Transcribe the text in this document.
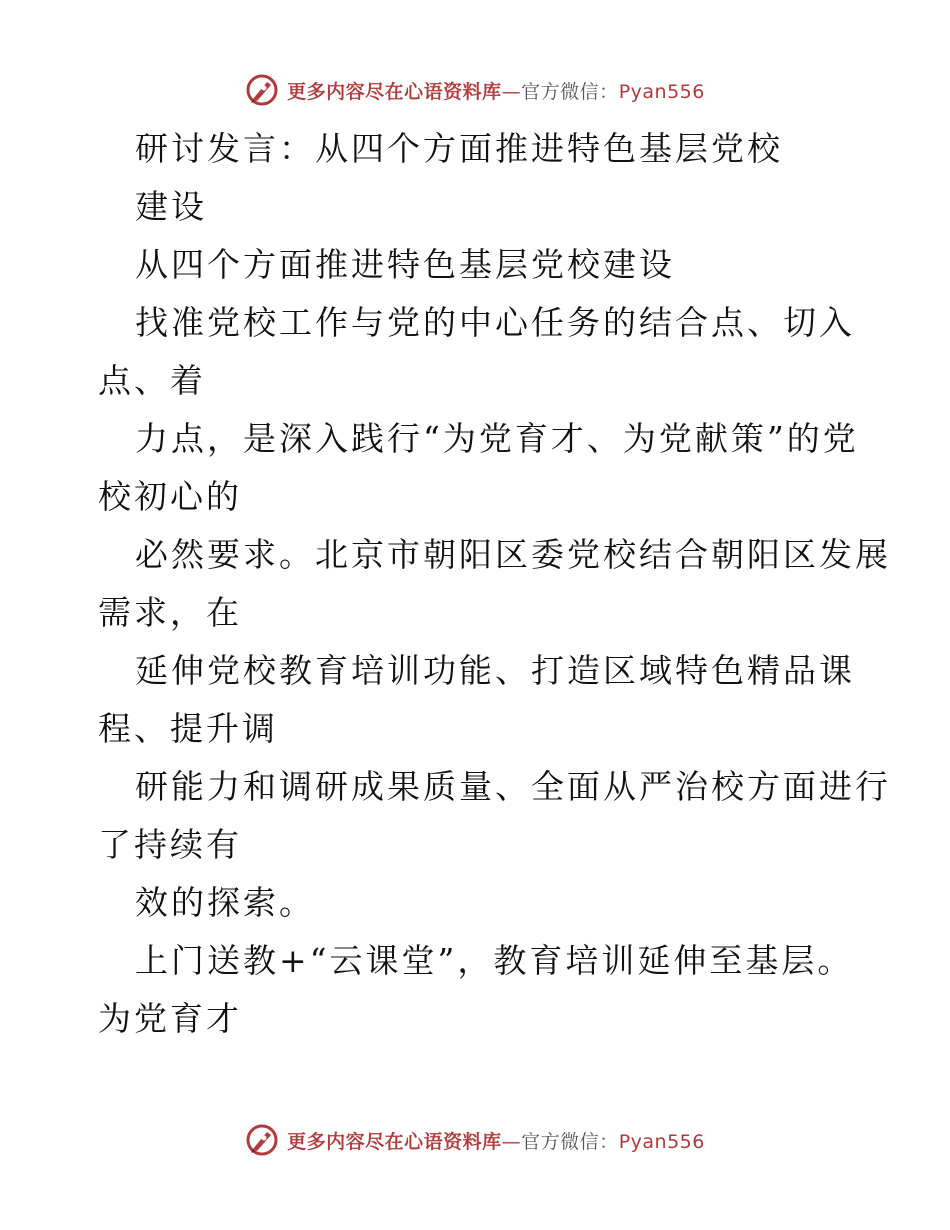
更多内容尽在心语资料库—官方微信：Pyan556
研讨发言：从四个方面推进特色基层党校
建设
从四个方面推进特色基层党校建设
找准党校工作与党的中心任务的结合点、切入
点、着
力点，是深入践行“为党育才、为党献策”的党
校初心的
必然要求。北京市朝阳区委党校结合朝阳区发展
需求，在
延伸党校教育培训功能、打造区域特色精品课
程、提升调
研能力和调研成果质量、全面从严治校方面进行
了持续有
效的探索。
上门送教+“云课堂”，教育培训延伸至基层。
为党育才
更多内容尽在心语资料库—官方微信：Pyan556
